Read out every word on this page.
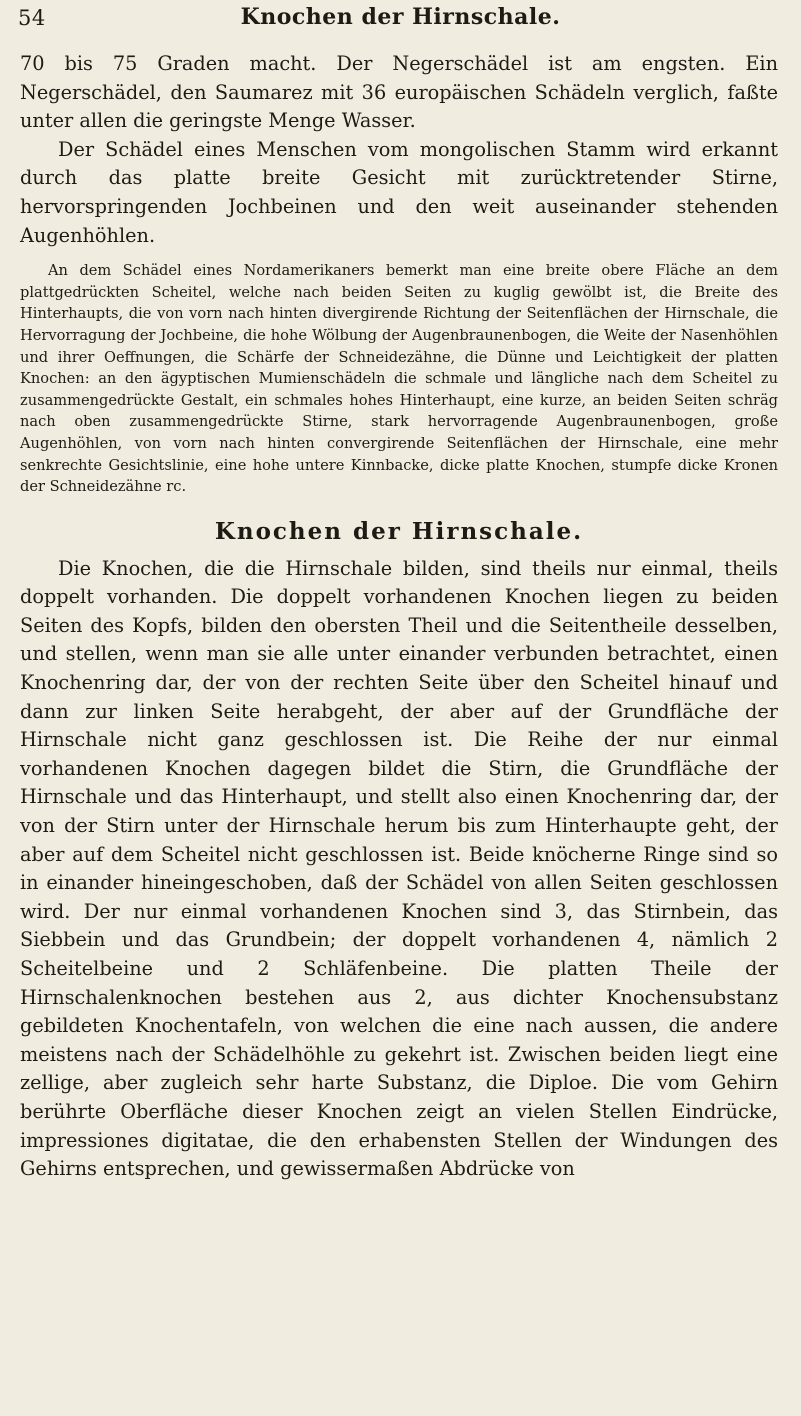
54	Knochen der Hirnschale.

70 bis 75 Graden macht. Der Negerschädel ist am engsten. Ein Negerschädel, den Saumarez mit 36 europäischen Schädeln verglich, faßte unter allen die geringste Menge Wasser.

Der Schädel eines Menschen vom mongolischen Stamm wird erkannt durch das platte breite Gesicht mit zurücktretender Stirne, hervorspringenden Jochbeinen und den weit auseinander stehenden Augenhöhlen.

An dem Schädel eines Nordamerikaners bemerkt man eine breite obere Fläche an dem plattgedrückten Scheitel, welche nach beiden Seiten zu kuglig gewölbt ist, die Breite des Hinterhaupts, die von vorn nach hinten divergirende Richtung der Seitenflächen der Hirnschale, die Hervorragung der Jochbeine, die hohe Wölbung der Augenbraunenbogen, die Weite der Nasenhöhlen und ihrer Oeffnungen, die Schärfe der Schneidezähne, die Dünne und Leichtigkeit der platten Knochen: an den ägyptischen Mumienschädeln die schmale und längliche nach dem Scheitel zu zusammengedrückte Gestalt, ein schmales hohes Hinterhaupt, eine kurze, an beiden Seiten schräg nach oben zusammengedrückte Stirne, stark hervorragende Augenbraunenbogen, große Augenhöhlen, von vorn nach hinten convergirende Seitenflächen der Hirnschale, eine mehr senkrechte Gesichtslinie, eine hohe untere Kinnbacke, dicke platte Knochen, stumpfe dicke Kronen der Schneidezähne rc.

Knochen der Hirnschale.

Die Knochen, die die Hirnschale bilden, sind theils nur einmal, theils doppelt vorhanden. Die doppelt vorhandenen Knochen liegen zu beiden Seiten des Kopfs, bilden den obersten Theil und die Seitentheile desselben, und stellen, wenn man sie alle unter einander verbunden betrachtet, einen Knochenring dar, der von der rechten Seite über den Scheitel hinauf und dann zur linken Seite herabgeht, der aber auf der Grundfläche der Hirnschale nicht ganz geschlossen ist. Die Reihe der nur einmal vorhandenen Knochen dagegen bildet die Stirn, die Grundfläche der Hirnschale und das Hinterhaupt, und stellt also einen Knochenring dar, der von der Stirn unter der Hirnschale herum bis zum Hinterhaupte geht, der aber auf dem Scheitel nicht geschlossen ist. Beide knöcherne Ringe sind so in einander hineingeschoben, daß der Schädel von allen Seiten geschlossen wird. Der nur einmal vorhandenen Knochen sind 3, das Stirnbein, das Siebbein und das Grundbein; der doppelt vorhandenen 4, nämlich 2 Scheitelbeine und 2 Schläfenbeine. Die platten Theile der Hirnschalenknochen bestehen aus 2, aus dichter Knochensubstanz gebildeten Knochentafeln, von welchen die eine nach aussen, die andere meistens nach der Schädelhöhle zu gekehrt ist. Zwischen beiden liegt eine zellige, aber zugleich sehr harte Substanz, die Diploe. Die vom Gehirn berührte Oberfläche dieser Knochen zeigt an vielen Stellen Eindrücke, impressiones digitatae, die den erhabensten Stellen der Windungen des Gehirns entsprechen, und gewissermaßen Abdrücke von
